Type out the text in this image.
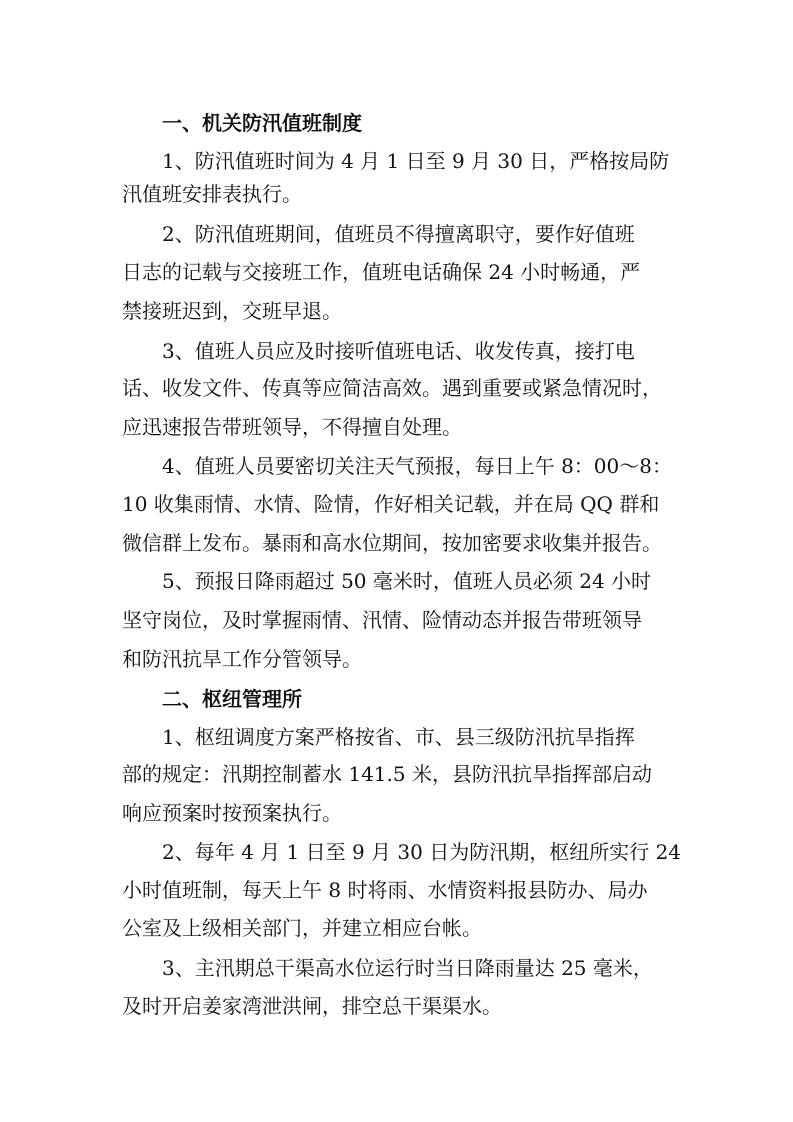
一、机关防汛值班制度
1、防汛值班时间为 4 月 1 日至 9 月 30 日，严格按局防
汛值班安排表执行。
2、防汛值班期间，值班员不得擅离职守，要作好值班
日志的记载与交接班工作，值班电话确保 24 小时畅通，严
禁接班迟到，交班早退。
3、值班人员应及时接听值班电话、收发传真，接打电
话、收发文件、传真等应简洁高效。遇到重要或紧急情况时，
应迅速报告带班领导，不得擅自处理。
4、值班人员要密切关注天气预报，每日上午 8：00～8：
10 收集雨情、水情、险情，作好相关记载，并在局 QQ 群和
微信群上发布。暴雨和高水位期间，按加密要求收集并报告。
5、预报日降雨超过 50 毫米时，值班人员必须 24 小时
坚守岗位，及时掌握雨情、汛情、险情动态并报告带班领导
和防汛抗旱工作分管领导。
二、枢纽管理所
1、枢纽调度方案严格按省、市、县三级防汛抗旱指挥
部的规定：汛期控制蓄水 141.5 米，县防汛抗旱指挥部启动
响应预案时按预案执行。
2、每年 4 月 1 日至 9 月 30 日为防汛期，枢纽所实行 24
小时值班制，每天上午 8 时将雨、水情资料报县防办、局办
公室及上级相关部门，并建立相应台帐。
3、主汛期总干渠高水位运行时当日降雨量达 25 毫米，
及时开启姜家湾泄洪闸，排空总干渠渠水。
